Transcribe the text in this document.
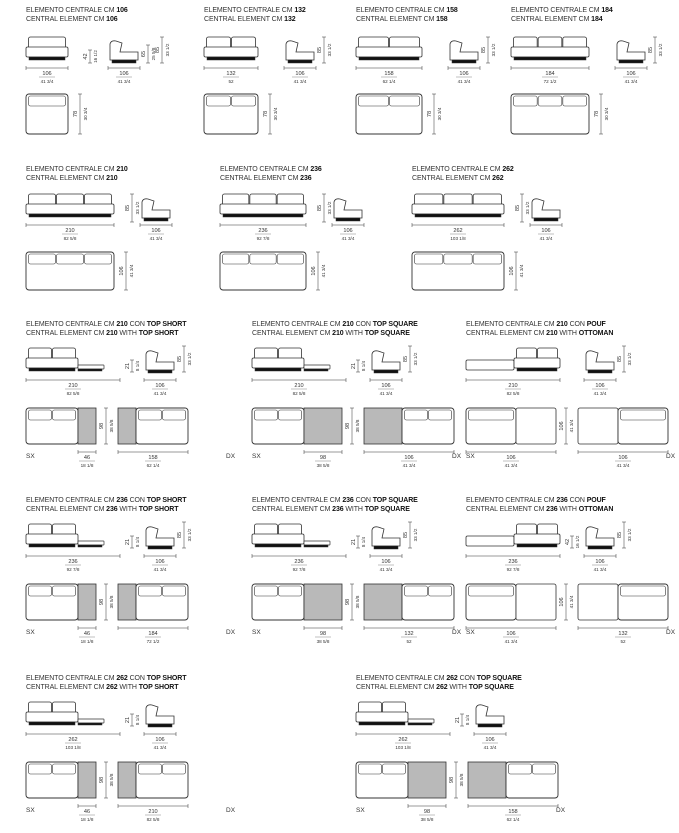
ELEMENTO CENTRALE CM 106
CENTRAL ELEMENT CM 106
ELEMENTO CENTRALE CM 132
CENTRAL ELEMENT CM 132
ELEMENTO CENTRALE CM 158
CENTRAL ELEMENT CM 158
ELEMENTO CENTRALE CM 184
CENTRAL ELEMENT CM 184
ELEMENTO CENTRALE CM 210
CENTRAL ELEMENT CM 210
ELEMENTO CENTRALE CM 236
CENTRAL ELEMENT CM 236
ELEMENTO CENTRALE CM 262
CENTRAL ELEMENT CM 262
ELEMENTO CENTRALE CM 210 CON TOP SHORT
CENTRAL ELEMENT CM 210 WITH TOP SHORT
ELEMENTO CENTRALE CM 210 CON TOP SQUARE
CENTRAL ELEMENT CM 210 WITH TOP SQUARE
ELEMENTO CENTRALE CM 210 CON POUF
CENTRAL ELEMENT CM 210 WITH OTTOMAN
ELEMENTO CENTRALE CM 236 CON TOP SHORT
CENTRAL ELEMENT CM 236 WITH TOP SHORT
ELEMENTO CENTRALE CM 236 CON TOP SQUARE
CENTRAL ELEMENT CM 236 WITH TOP SQUARE
ELEMENTO CENTRALE CM 236 CON POUF
CENTRAL ELEMENT CM 236 WITH OTTOMAN
ELEMENTO CENTRALE CM 262 CON TOP SHORT
CENTRAL ELEMENT CM 262 WITH TOP SHORT
ELEMENTO CENTRALE CM 262 CON TOP SQUARE
CENTRAL ELEMENT CM 262 WITH TOP SQUARE
106
41 3/4
106
41 3/4
42 16 1/2	65 25 5/8 85 33 1/2
78 30 3/4
132
52
106
41 3/4
85 33 1/2
78 30 3/4
158
62 1/4
106
41 3/4
85 33 1/2
78 30 3/4
184
72 1/2
106
41 3/4
85 33 1/2
78 30 3/4
210
82 5/8
106
41 3/4
85 33 1/2
106 41 3/4
236
92 7/8
106
41 3/4
85 33 1/2
106 41 3/4
262
103 1/8
106
41 3/4
85 33 1/2
106 41 3/4
210
82 5/8
21 8 1/4
106
41 3/4
85 33 1/2
98 38 5/8
46
18 1/8
158
62 1/4
SX	DX
210
82 5/8
21 8 1/4
106
41 3/4
85 33 1/2
98 38 5/8
98
38 5/8
106
41 3/4
SX	DX
210
82 5/8
106
41 3/4
85 33 1/2
106 41 3/4
106
41 3/4
106
41 3/4
SX	DX
236
92 7/8
21 8 1/4
106
41 3/4
85 33 1/2
98 38 5/8
46
18 1/8
184
72 1/2
SX	DX
236
92 7/8
21 8 1/4
106
41 3/4
85 33 1/2
98 38 5/8
98
38 5/8
132
52
SX	DX
236
92 7/8
42 16 1/2
106
41 3/4
85 33 1/2
106 41 3/4
106
41 3/4
132
52
SX	DX
262
103 1/8
21 8 1/4
106
41 3/4
98 38 5/8
46
18 1/8
210
82 5/8
SX	DX
262
103 1/8
21 8 1/4
106
41 3/4
98 38 5/8
98
38 5/8
158
62 1/4
SX	DX
